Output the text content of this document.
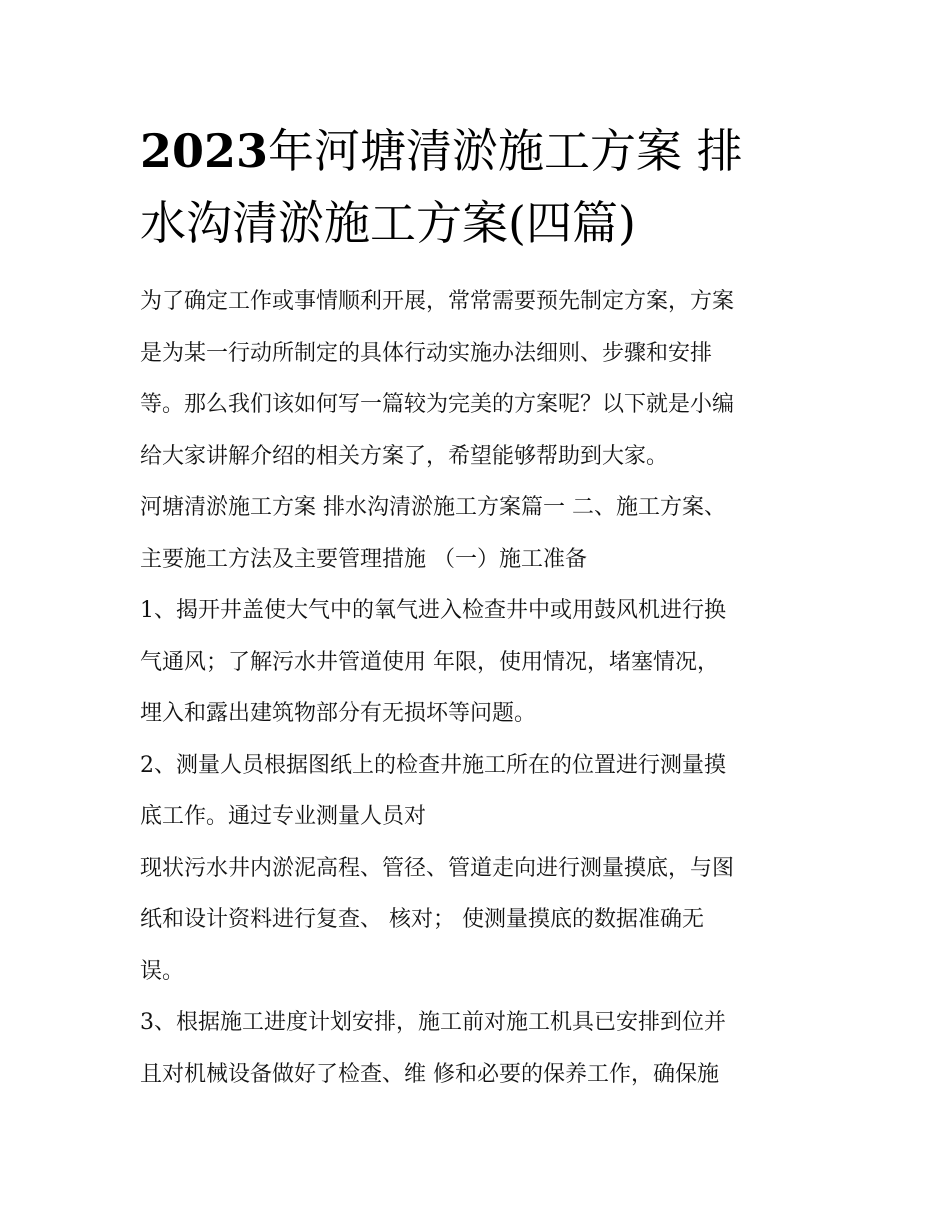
2023年河塘清淤施工方案 排
水沟清淤施工方案(四篇)
为了确定工作或事情顺利开展，常常需要预先制定方案，方案
是为某一行动所制定的具体行动实施办法细则、步骤和安排
等。那么我们该如何写一篇较为完美的方案呢？以下就是小编
给大家讲解介绍的相关方案了，希望能够帮助到大家。
河塘清淤施工方案 排水沟清淤施工方案篇一 二、施工方案、
主要施工方法及主要管理措施 （一）施工准备
1、揭开井盖使大气中的氧气进入检查井中或用鼓风机进行换
气通风；了解污水井管道使用 年限，使用情况，堵塞情况，
埋入和露出建筑物部分有无损坏等问题。
2、测量人员根据图纸上的检查井施工所在的位置进行测量摸
底工作。通过专业测量人员对
现状污水井内淤泥高程、管径、管道走向进行测量摸底，与图
纸和设计资料进行复查、 核对； 使测量摸底的数据准确无
误。
3、根据施工进度计划安排，施工前对施工机具已安排到位并
且对机械设备做好了检查、维 修和必要的保养工作，确保施
